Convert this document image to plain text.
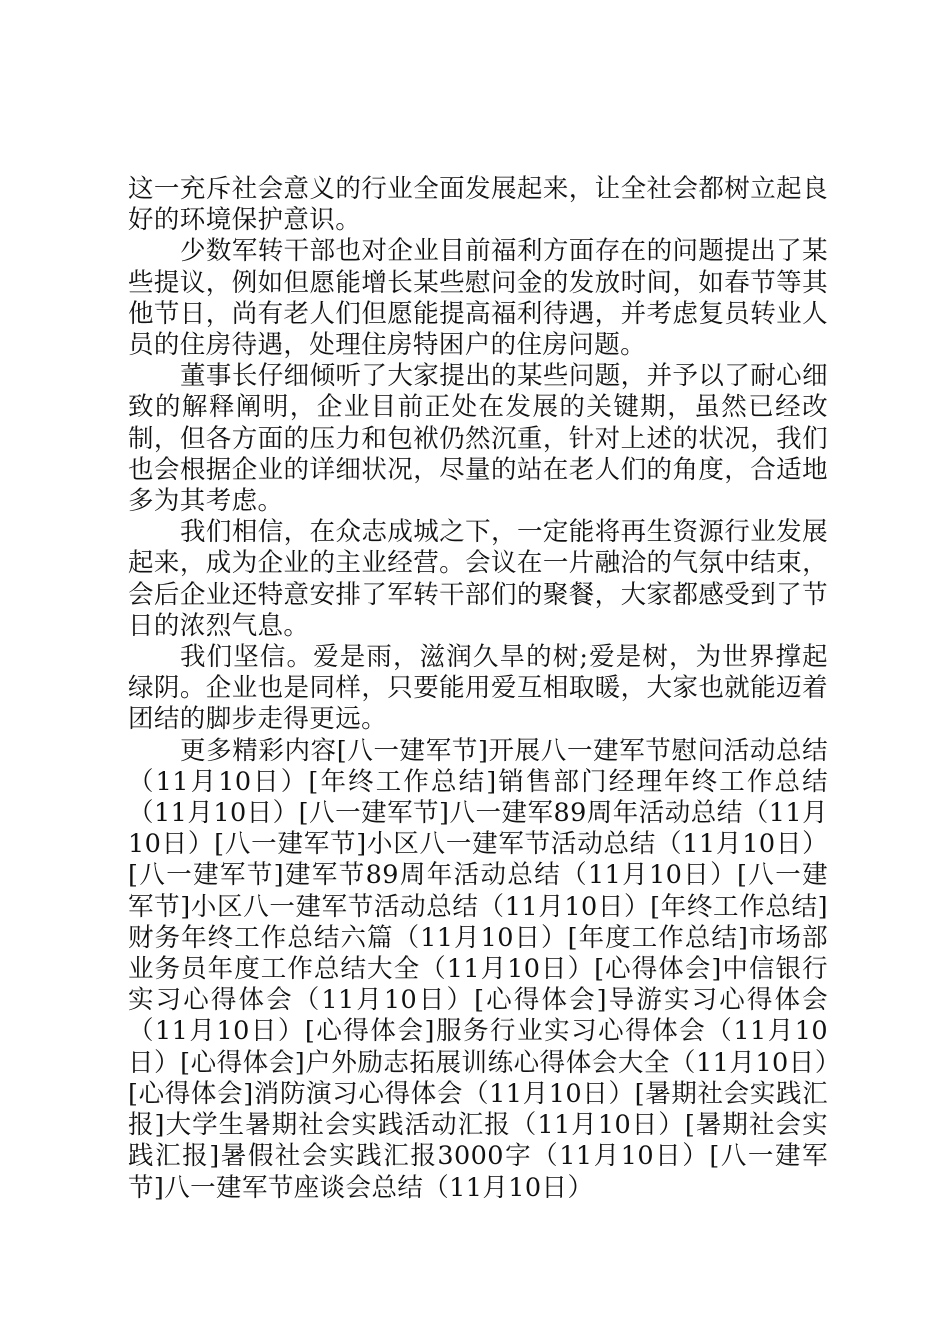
这一充斥社会意义的行业全面发展起来，让全社会都树立起良好的环境保护意识。

少数军转干部也对企业目前福利方面存在的问题提出了某些提议，例如但愿能增长某些慰问金的发放时间，如春节等其他节日，尚有老人们但愿能提高福利待遇，并考虑复员转业人员的住房待遇，处理住房特困户的住房问题。

董事长仔细倾听了大家提出的某些问题，并予以了耐心细致的解释阐明，企业目前正处在发展的关键期，虽然已经改制，但各方面的压力和包袱仍然沉重，针对上述的状况，我们也会根据企业的详细状况，尽量的站在老人们的角度，合适地多为其考虑。

我们相信，在众志成城之下，一定能将再生资源行业发展起来，成为企业的主业经营。会议在一片融洽的气氛中结束，会后企业还特意安排了军转干部们的聚餐，大家都感受到了节日的浓烈气息。

我们坚信。爱是雨，滋润久旱的树;爱是树，为世界撑起绿阴。企业也是同样，只要能用爱互相取暖，大家也就能迈着团结的脚步走得更远。

更多精彩内容[八一建军节]开展八一建军节慰问活动总结（11月10日）[年终工作总结]销售部门经理年终工作总结（11月10日）[八一建军节]八一建军89周年活动总结（11月10日）[八一建军节]小区八一建军节活动总结（11月10日）[八一建军节]建军节89周年活动总结（11月10日）[八一建军节]小区八一建军节活动总结（11月10日）[年终工作总结]财务年终工作总结六篇（11月10日）[年度工作总结]市场部业务员年度工作总结大全（11月10日）[心得体会]中信银行实习心得体会（11月10日）[心得体会]导游实习心得体会（11月10日）[心得体会]服务行业实习心得体会（11月10日）[心得体会]户外励志拓展训练心得体会大全（11月10日）[心得体会]消防演习心得体会（11月10日）[暑期社会实践汇报]大学生暑期社会实践活动汇报（11月10日）[暑期社会实践汇报]暑假社会实践汇报3000字（11月10日）[八一建军节]八一建军节座谈会总结（11月10日）
